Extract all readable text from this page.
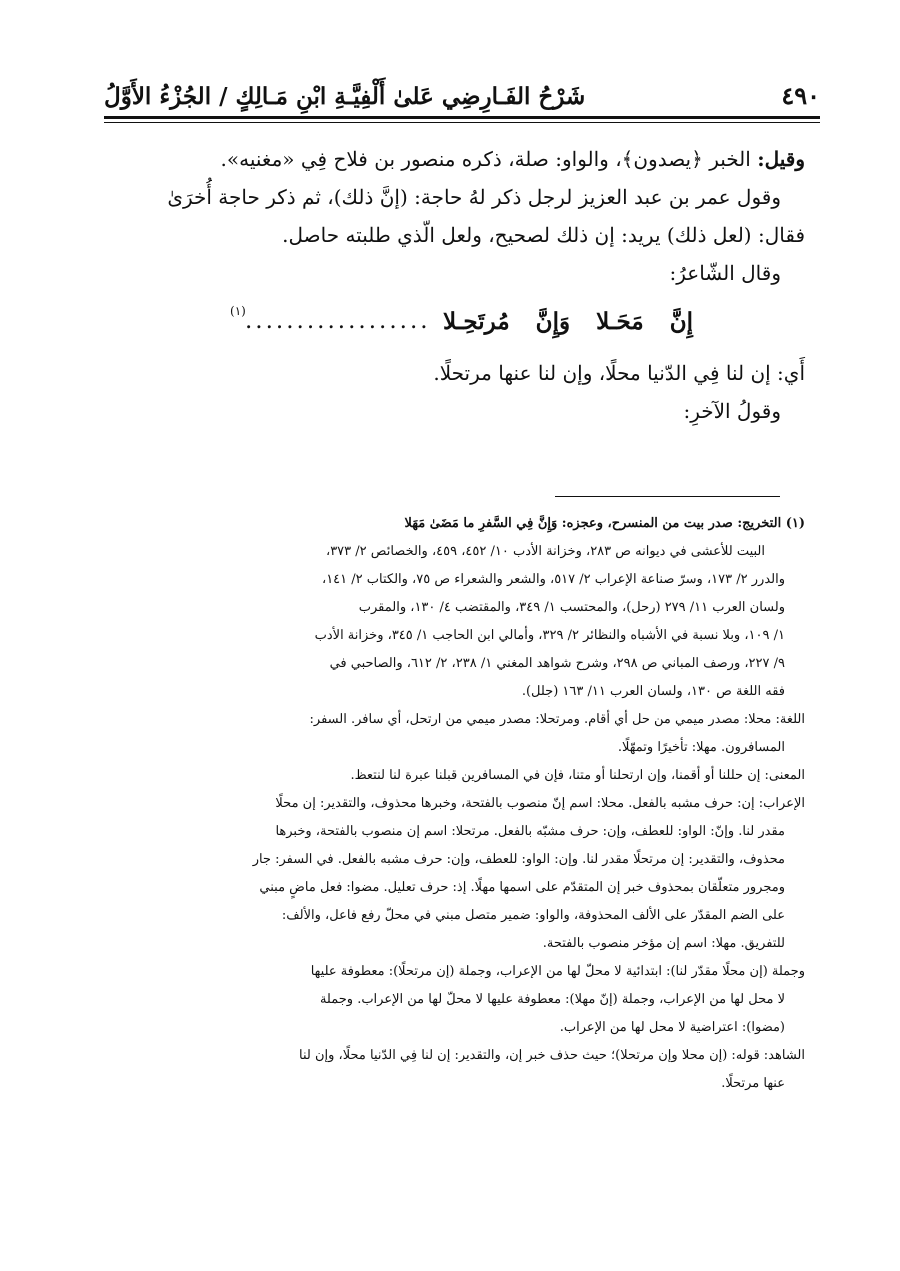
٤٩٠
شَرْحُ الفَـارِضِي عَلىٰ أَلْفِيَّـةِ ابْنِ مَـالِكٍ / الجُزْءُ الأَوَّلُ

وقيل: الخبر ﴿يصدون﴾، والواو: صلة، ذكره منصور بن فلاح فِي «مغنيه».

وقول عمر بن عبد العزيز لرجل ذكر لهُ حاجة: (إنَّ ذلك)، ثم ذكر حاجة أُخرَىٰ

فقال: (لعل ذلك) يريد: إن ذلك لصحيح، ولعل الّذي طلبته حاصل.

وقال الشّاعرُ:

إِنَّ مَحَـلا وَإِنَّ مُرتَحِـلا
..................
(١)

أَي: إن لنا فِي الدّنيا محلًا، وإن لنا عنها مرتحلًا.

وقولُ الآخرِ:

(١) التخريج: صدر بيت من المنسرح، وعجزه: وَإِنَّ فِي السَّفرِ ما مَضَىٰ مَهَلا

البيت للأعشى في ديوانه ص ٢٨٣، وخزانة الأدب ١٠/ ٤٥٢، ٤٥٩، والخصائص ٢/ ٣٧٣،

والدرر ٢/ ١٧٣، وسرّ صناعة الإعراب ٢/ ٥١٧، والشعر والشعراء ص ٧٥، والكتاب ٢/ ١٤١،

ولسان العرب ١١/ ٢٧٩ (رحل)، والمحتسب ١/ ٣٤٩، والمقتضب ٤/ ١٣٠، والمقرب

١/ ١٠٩، وبلا نسبة في الأشباه والنظائر ٢/ ٣٢٩، وأمالي ابن الحاجب ١/ ٣٤٥، وخزانة الأدب

٩/ ٢٢٧، ورصف المباني ص ٢٩٨، وشرح شواهد المغني ١/ ٢٣٨، ٢/ ٦١٢، والصاحبي في

فقه اللغة ص ١٣٠، ولسان العرب ١١/ ١٦٣ (جلل).

اللغة: محلا: مصدر ميمي من حل أي أقام. ومرتحلا: مصدر ميمي من ارتحل، أي سافر. السفر:

المسافرون. مهلا: تأخيرًا وتمهّلًا.

المعنى: إن حللنا أو أقمنا، وإن ارتحلنا أو متنا، فإن في المسافرين قبلنا عبرة لنا لنتعظ.

الإعراب: إن: حرف مشبه بالفعل. محلا: اسم إنّ منصوب بالفتحة، وخبرها محذوف، والتقدير: إن محلًا

مقدر لنا. وإنّ: الواو: للعطف، وإن: حرف مشبّه بالفعل. مرتحلا: اسم إن منصوب بالفتحة، وخبرها

محذوف، والتقدير: إن مرتحلًا مقدر لنا. وإن: الواو: للعطف، وإن: حرف مشبه بالفعل. في السفر: جار

ومجرور متعلّقان بمحذوف خبر إن المتقدّم على اسمها مهلًا. إذ: حرف تعليل. مضوا: فعل ماضٍ مبني

على الضم المقدّر على الألف المحذوفة، والواو: ضمير متصل مبني في محلّ رفع فاعل، والألف:

للتفريق. مهلا: اسم إن مؤخر منصوب بالفتحة.

وجملة (إن محلًا مقدّر لنا): ابتدائية لا محلّ لها من الإعراب، وجملة (إن مرتحلًا): معطوفة عليها

لا محل لها من الإعراب، وجملة (إنّ مهلا): معطوفة عليها لا محلّ لها من الإعراب. وجملة

(مضوا): اعتراضية لا محل لها من الإعراب.

الشاهد: قوله: (إن محلا وإن مرتحلا)؛ حيث حذف خبر إن، والتقدير: إن لنا فِي الدّنيا محلًا، وإن لنا

عنها مرتحلًا.
